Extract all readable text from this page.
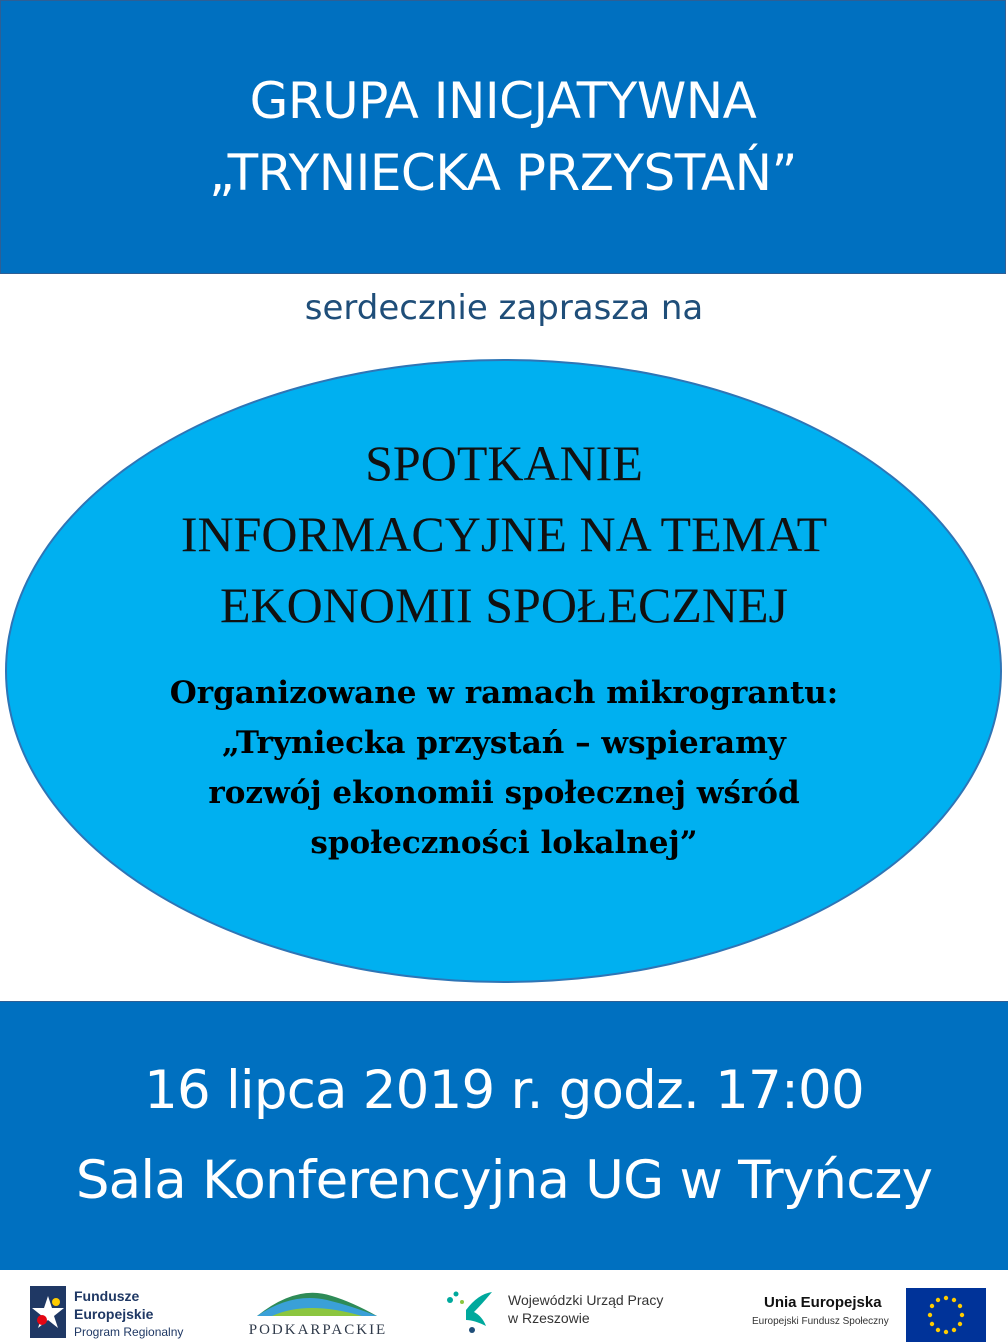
GRUPA INICJATYWNA
„TRYNIECKA PRZYSTAŃ”
serdecznie zaprasza na
SPOTKANIE
INFORMACYJNE NA TEMAT
EKONOMII SPOŁECZNEJ
Organizowane w ramach mikrograntu:
„Tryniecka przystań – wspieramy
rozwój ekonomii społecznej wśród
społeczności lokalnej”
16 lipca 2019 r. godz. 17:00
Sala Konferencyjna UG w Tryńczy
Fundusze
Europejskie
Program Regionalny	PODKARPACKIE
Wojewódzki Urząd Pracy
w Rzeszowie
Unia Europejska
Europejski Fundusz Społeczny
